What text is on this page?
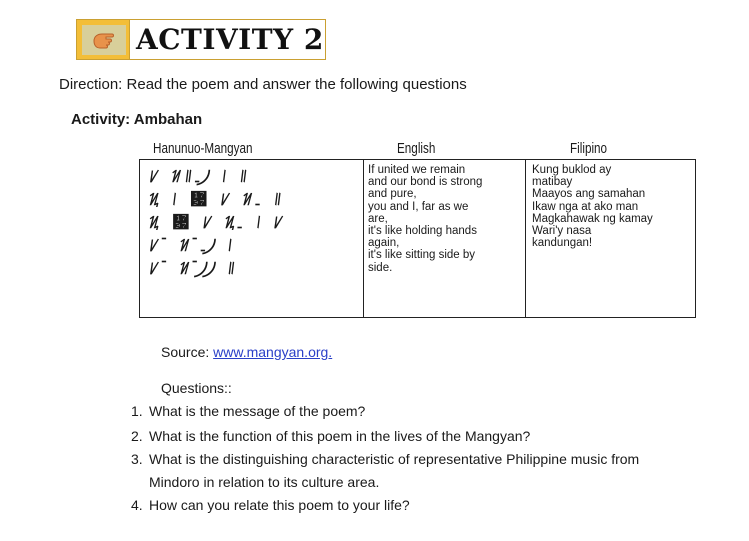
ACTIVITY 2
Direction: Read the poem and answer the following questions
Activity: Ambahan
Hanunuo-Mangyan	English	Filipino
ᜱ ᜬ᜶ ᜳ ᜴ ᜵ ᜶
ᜰ ᜵ ᜷ ᜱ ᜬ ᜳ ᜶
ᜰ ᜷ ᜱ ᜰ ᜳ ᜵ ᜱ
ᜱ ᜲ ᜬ ᜲ ᜳ ᜴ ᜵
ᜱ ᜲ ᜬ ᜲ ᜴ ᜴ ᜶
If united we remain
and our bond is strong
and pure,
you and I, far as we
are,
it's like holding hands
again,
it's like sitting side by
side.
Kung buklod ay
matibay
Maayos ang samahan
Ikaw nga at ako man
Magkahawak ng kamay
Wari'y nasa
kandungan!
Source: www.mangyan.org.
Questions::
1. What is the message of the poem?
2. What is the function of this poem in the lives of the Mangyan?
3. What is the distinguishing characteristic of representative Philippine music from
Mindoro in relation to its culture area.
4. How can you relate this poem to your life?
